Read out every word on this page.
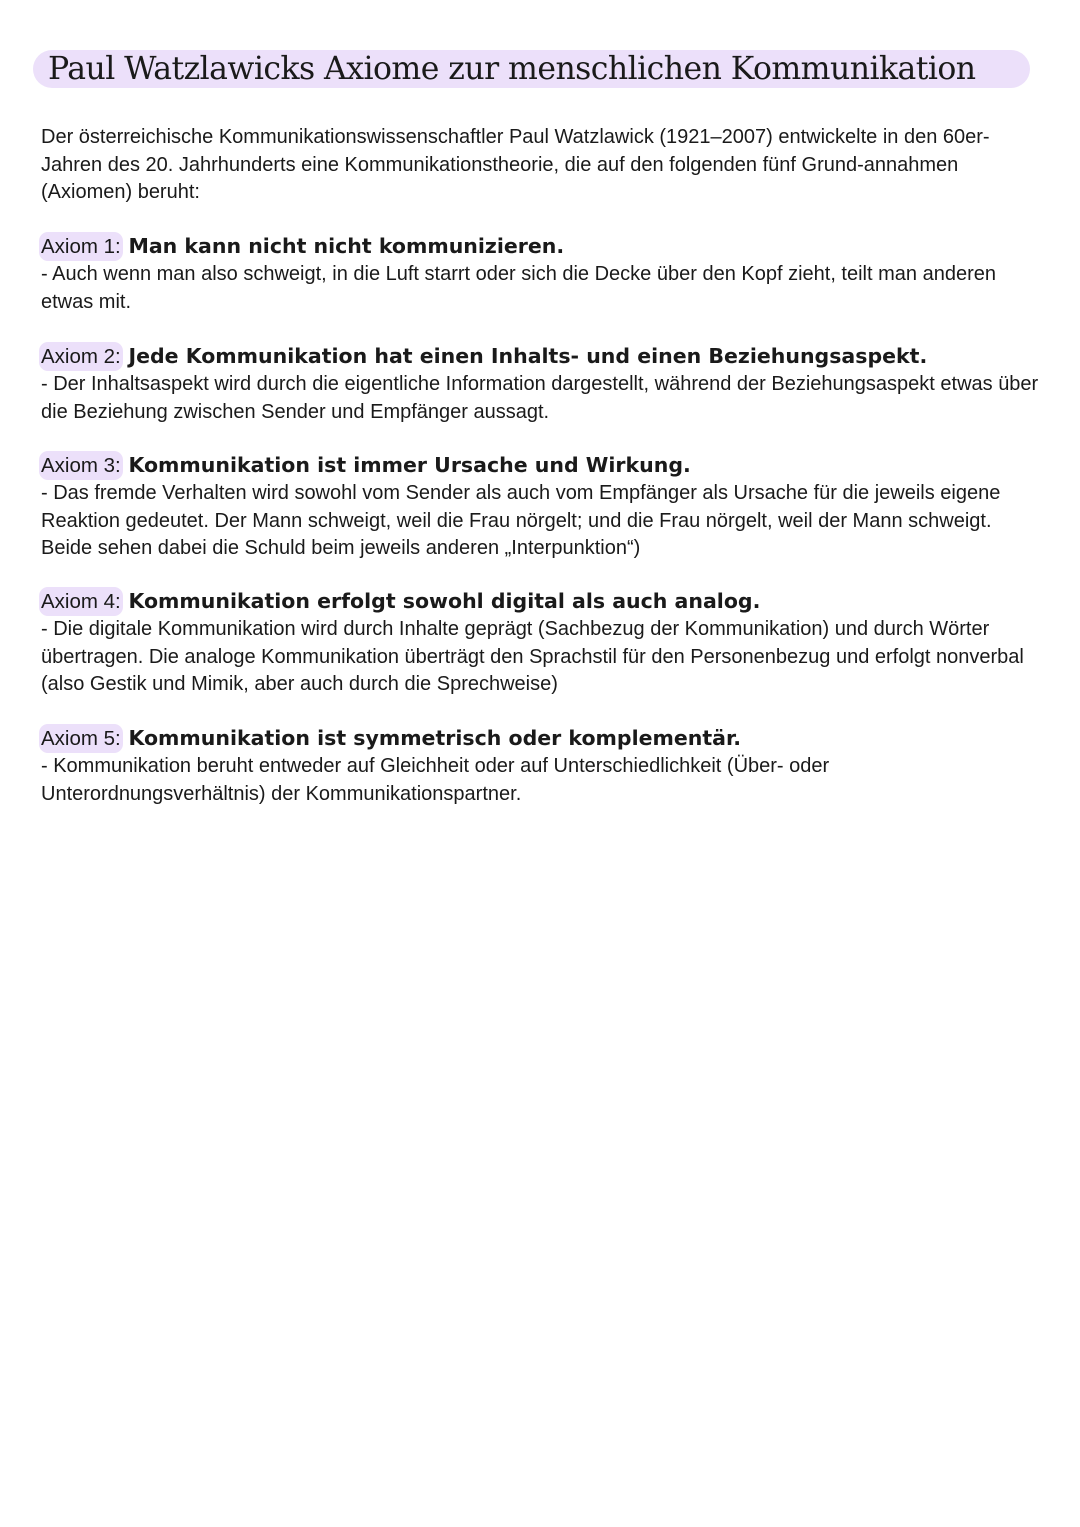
Paul Watzlawicks Axiome zur menschlichen Kommunikation

Der österreichische Kommunikationswissenschaftler Paul Watzlawick (1921–2007) entwickelte in den 60er-Jahren des 20. Jahrhunderts eine Kommunikationstheorie, die auf den folgenden fünf Grund-annahmen (Axiomen) beruht:

Axiom 1: Man kann nicht nicht kommunizieren.

- Auch wenn man also schweigt, in die Luft starrt oder sich die Decke über den Kopf zieht, teilt man anderen etwas mit.

Axiom 2: Jede Kommunikation hat einen Inhalts- und einen Beziehungsaspekt.

- Der Inhaltsaspekt wird durch die eigentliche Information dargestellt, während der Beziehungsaspekt etwas über die Beziehung zwischen Sender und Empfänger aussagt.

Axiom 3: Kommunikation ist immer Ursache und Wirkung.

- Das fremde Verhalten wird sowohl vom Sender als auch vom Empfänger als Ursache für die jeweils eigene Reaktion gedeutet. Der Mann schweigt, weil die Frau nörgelt; und die Frau nörgelt, weil der Mann schweigt. Beide sehen dabei die Schuld beim jeweils anderen „Interpunktion“)

Axiom 4: Kommunikation erfolgt sowohl digital als auch analog.

- Die digitale Kommunikation wird durch Inhalte geprägt (Sachbezug der Kommunikation) und durch Wörter übertragen. Die analoge Kommunikation überträgt den Sprachstil für den Personenbezug und erfolgt nonverbal (also Gestik und Mimik, aber auch durch die Sprechweise)

Axiom 5: Kommunikation ist symmetrisch oder komplementär.

- Kommunikation beruht entweder auf Gleichheit oder auf Unterschiedlichkeit (Über- oder Unterordnungsverhältnis) der Kommunikationspartner.
